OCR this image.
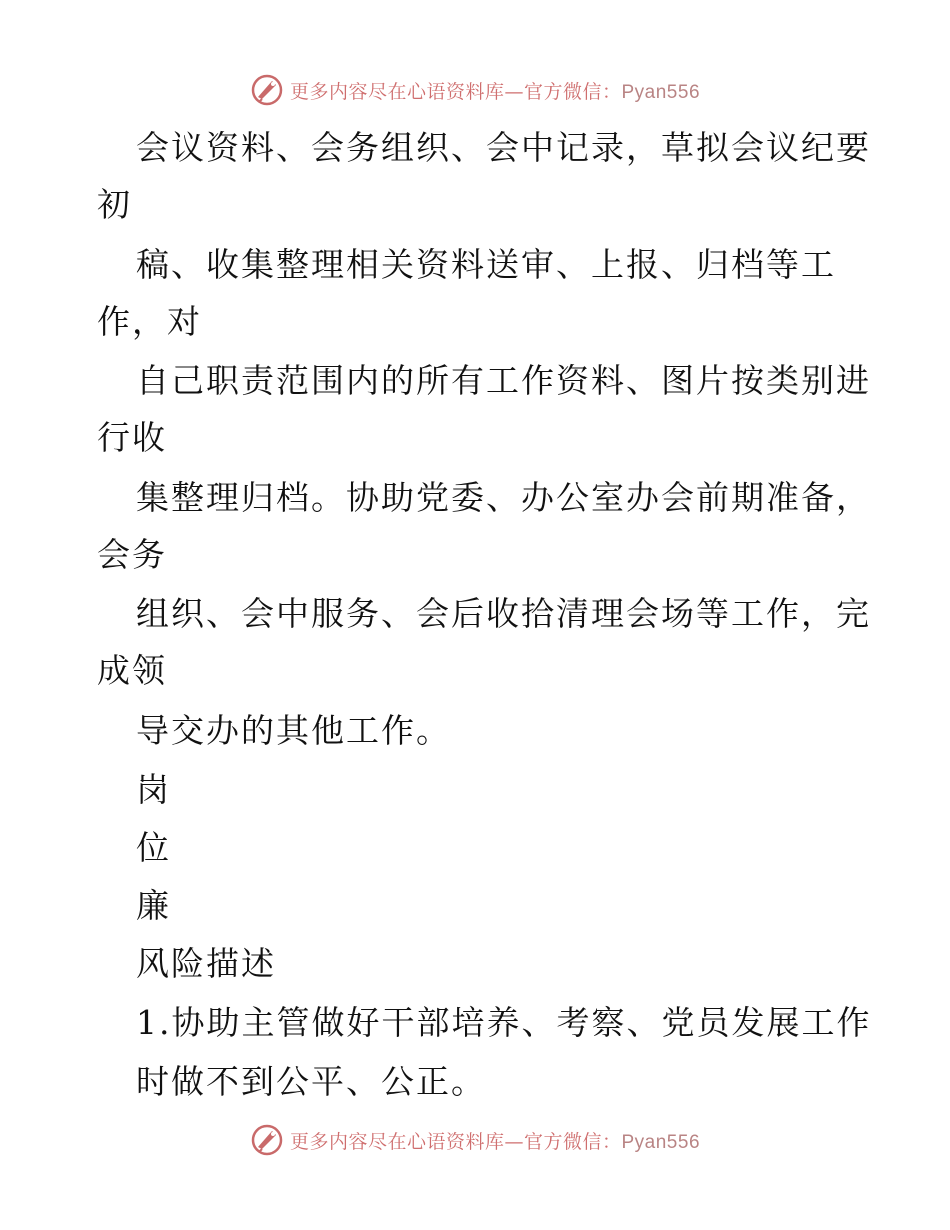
更多内容尽在心语资料库—官方微信：Pyan556
会议资料、会务组织、会中记录，草拟会议纪要
初
稿、收集整理相关资料送审、上报、归档等工
作，对
自己职责范围内的所有工作资料、图片按类别进
行收
集整理归档。协助党委、办公室办会前期准备，
会务
组织、会中服务、会后收拾清理会场等工作，完
成领
导交办的其他工作。
岗
位
廉
风险描述
1.协助主管做好干部培养、考察、党员发展工作
时做不到公平、公正。
更多内容尽在心语资料库—官方微信：Pyan556
